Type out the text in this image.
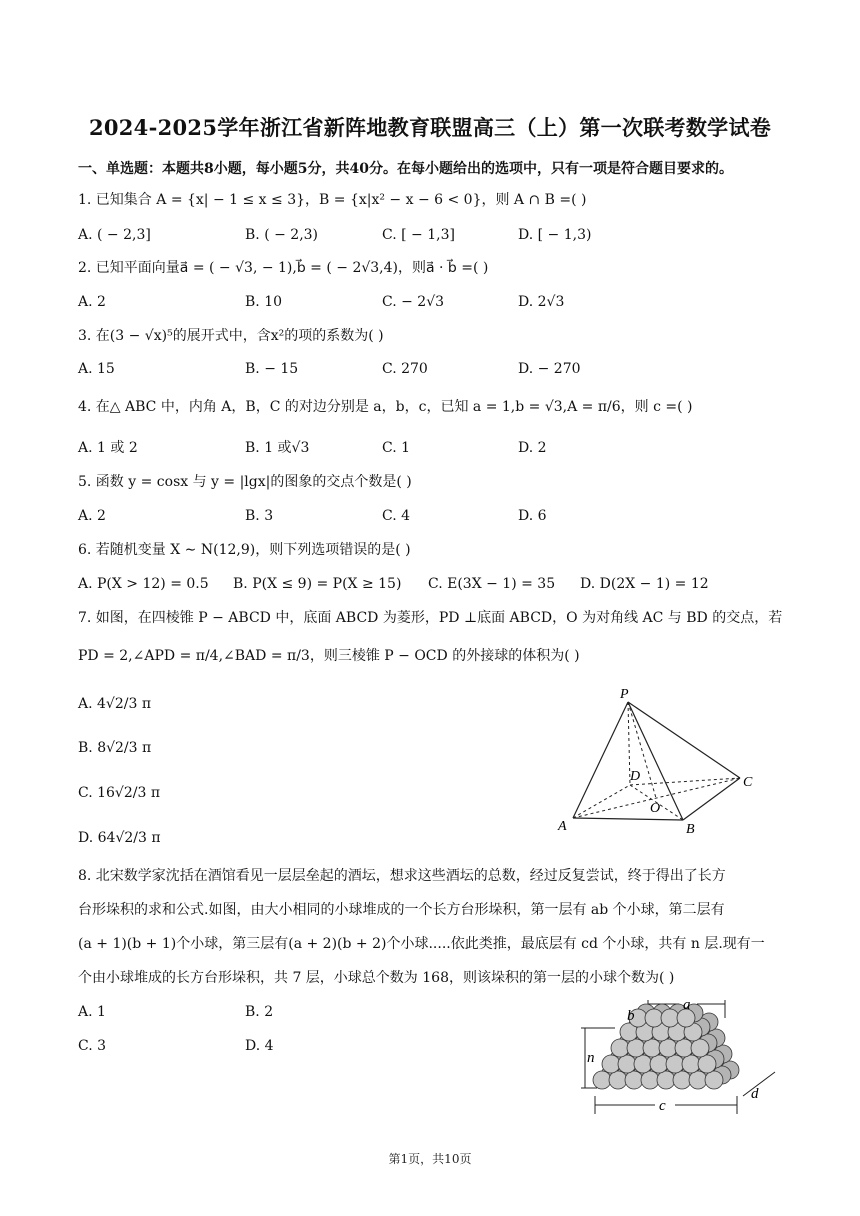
2024-2025学年浙江省新阵地教育联盟高三（上）第一次联考数学试卷
一、单选题：本题共8小题，每小题5分，共40分。在每小题给出的选项中，只有一项是符合题目要求的。
1. 已知集合 A = {x| − 1 ≤ x ≤ 3}，B = {x|x² − x − 6 < 0}，则 A ∩ B =( )
A. ( − 2,3]	B. ( − 2,3)	C. [ − 1,3]	D. [ − 1,3)
2. 已知平面向量a⃗ = ( − √3, − 1),b⃗ = ( − 2√3,4)，则a⃗ · b⃗ =( )
A. 2	B. 10	C. − 2√3	D. 2√3
3. 在(3 − √x)⁵的展开式中，含x²的项的系数为( )
A. 15	B. − 15	C. 270	D. − 270
4. 在△ ABC 中，内角 A，B，C 的对边分别是 a，b，c，已知 a = 1,b = √3,A = π/6，则 c =( )
A. 1 或 2	B. 1 或√3	C. 1	D. 2
5. 函数 y = cosx 与 y = |lgx|的图象的交点个数是( )
A. 2	B. 3	C. 4	D. 6
6. 若随机变量 X ∼ N(12,9)，则下列选项错误的是( )
A. P(X > 12) = 0.5 B. P(X ≤ 9) = P(X ≥ 15) C. E(3X − 1) = 35 D. D(2X − 1) = 12
7. 如图，在四棱锥 P − ABCD 中，底面 ABCD 为菱形，PD ⊥底面 ABCD，O 为对角线 AC 与 BD 的交点，若
PD = 2,∠APD = π/4,∠BAD = π/3，则三棱锥 P − OCD 的外接球的体积为( )
A. 4√2/3 π
B. 8√2/3 π
C. 16√2/3 π
D. 64√2/3 π
P
D	C
O
A	B
8. 北宋数学家沈括在酒馆看见一层层垒起的酒坛，想求这些酒坛的总数，经过反复尝试，终于得出了长方
台形垛积的求和公式.如图，由大小相同的小球堆成的一个长方台形垛积，第一层有 ab 个小球，第二层有
(a + 1)(b + 1)个小球，第三层有(a + 2)(b + 2)个小球.....依此类推，最底层有 cd 个小球，共有 n 层.现有一
个由小球堆成的长方台形垛积，共 7 层，小球总个数为 168，则该垛积的第一层的小球个数为( )
A. 1	B. 2
C. 3	D. 4
a
b
n
c
d
第1页，共10页
